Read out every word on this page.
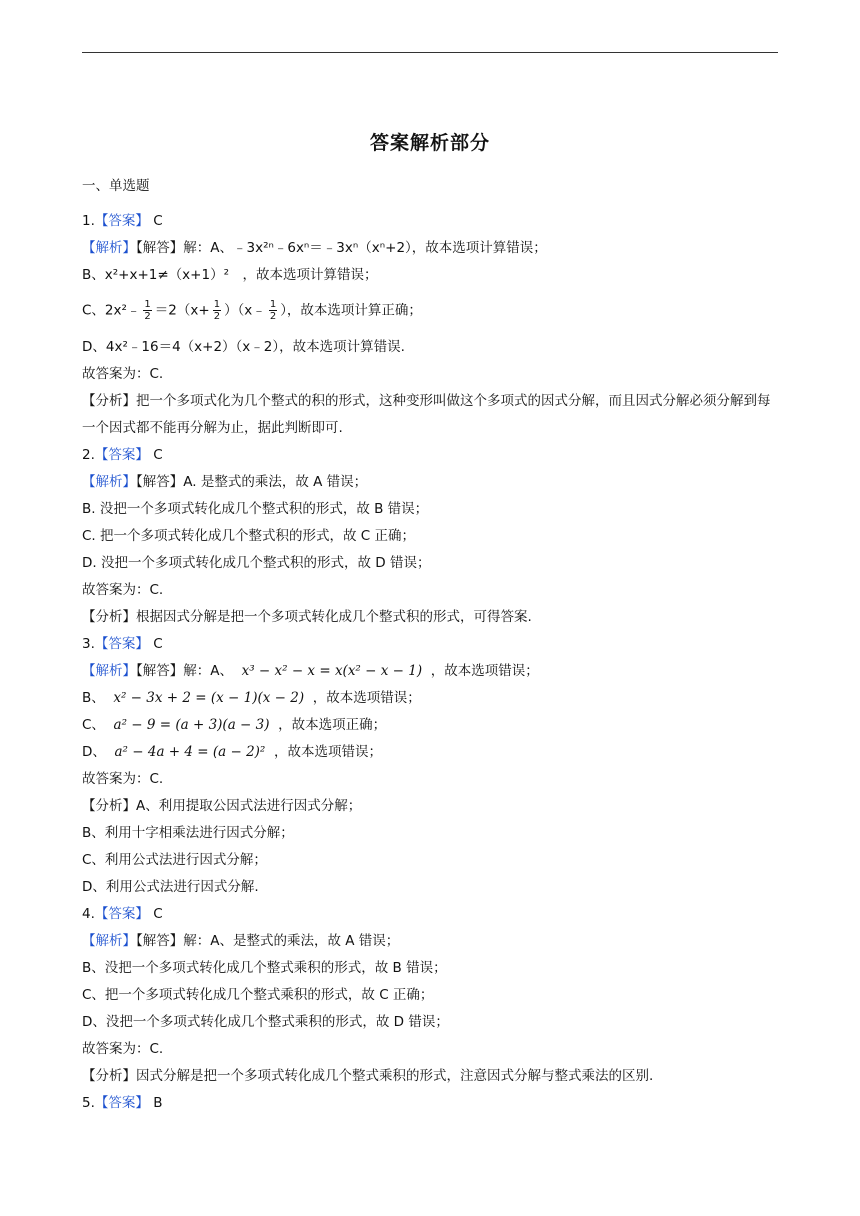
答案解析部分
一、单选题
1.【答案】 C
【解析】【解答】解：A、﹣3x²ⁿ﹣6xⁿ＝﹣3xⁿ（xⁿ+2），故本选项计算错误；
B、x²+x+1≠（x+1）²　，故本选项计算错误；
C、2x²﹣ $\frac{1}{2} =2(x+ \frac{1}{2}$ ）（x﹣ $\frac{1}{2}$ ），故本选项计算正确；
D、4x²﹣16＝4（x+2）（x﹣2），故本选项计算错误.
故答案为：C.
【分析】把一个多项式化为几个整式的积的形式，这种变形叫做这个多项式的因式分解，而且因式分解必须分解到每一个因式都不能再分解为止，据此判断即可.
2.【答案】 C
【解析】【解答】A. 是整式的乘法，故 A 错误；
B. 没把一个多项式转化成几个整式积的形式，故 B 错误；
C. 把一个多项式转化成几个整式积的形式，故 C 正确；
D. 没把一个多项式转化成几个整式积的形式，故 D 错误；
故答案为：C.
【分析】根据因式分解是把一个多项式转化成几个整式积的形式，可得答案.
3.【答案】 C
【解析】【解答】解：A、 x³ − x² − x = x(x² − x − 1) ，故本选项错误；
B、 x² − 3x + 2 = (x − 1)(x − 2) ，故本选项错误；
C、 a² − 9 = (a + 3)(a − 3) ，故本选项正确；
D、 a² − 4a + 4 = (a − 2)² ，故本选项错误；
故答案为：C.
【分析】A、利用提取公因式法进行因式分解；
B、利用十字相乘法进行因式分解；
C、利用公式法进行因式分解；
D、利用公式法进行因式分解.
4.【答案】 C
【解析】【解答】解：A、是整式的乘法，故 A 错误；
B、没把一个多项式转化成几个整式乘积的形式，故 B 错误；
C、把一个多项式转化成几个整式乘积的形式，故 C 正确；
D、没把一个多项式转化成几个整式乘积的形式，故 D 错误；
故答案为：C.
【分析】因式分解是把一个多项式转化成几个整式乘积的形式，注意因式分解与整式乘法的区别.
5.【答案】 B
